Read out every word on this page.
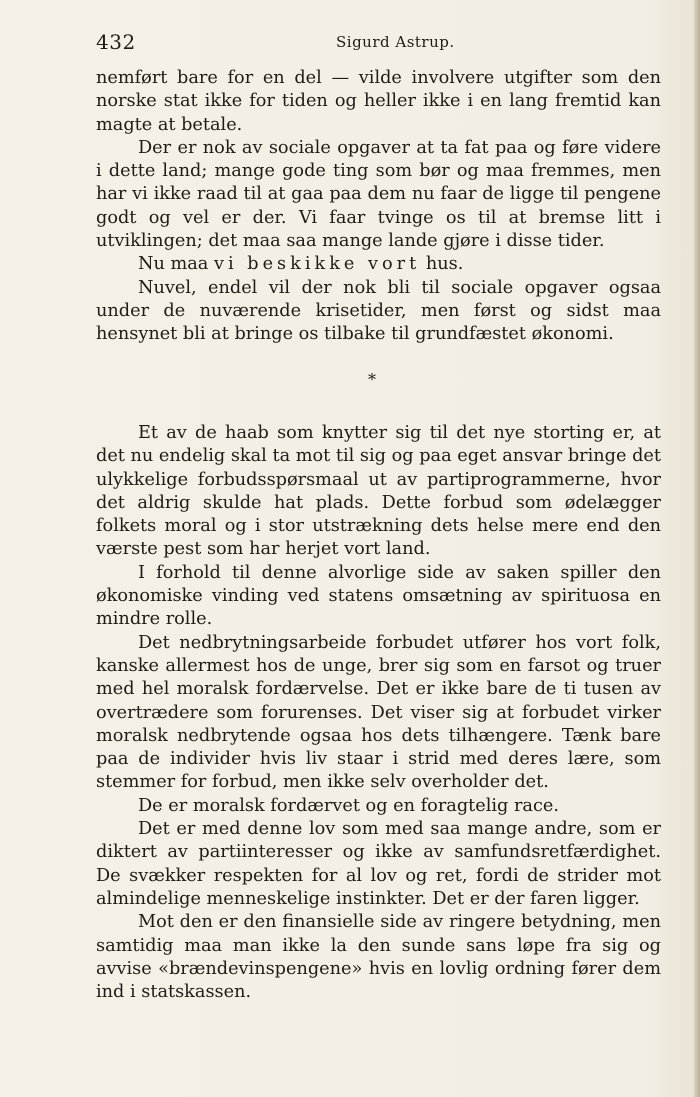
432	Sigurd Astrup.

nemført bare for en del — vilde involvere utgifter som den norske stat ikke for tiden og heller ikke i en lang fremtid kan magte at betale.

Der er nok av sociale opgaver at ta fat paa og føre videre i dette land; mange gode ting som bør og maa fremmes, men har vi ikke raad til at gaa paa dem nu faar de ligge til pengene godt og vel er der. Vi faar tvinge os til at bremse litt i utviklingen; det maa saa mange lande gjøre i disse tider.

Nu maa vi beskikke vort hus.

Nuvel, endel vil der nok bli til sociale opgaver ogsaa under de nuværende krisetider, men først og sidst maa hensynet bli at bringe os tilbake til grundfæstet økonomi.

*

Et av de haab som knytter sig til det nye storting er, at det nu endelig skal ta mot til sig og paa eget ansvar bringe det ulykkelige forbudsspørsmaal ut av partiprogrammerne, hvor det aldrig skulde hat plads. Dette forbud som ødelægger folkets moral og i stor utstrækning dets helse mere end den værste pest som har herjet vort land.

I forhold til denne alvorlige side av saken spiller den økonomiske vinding ved statens omsætning av spirituosa en mindre rolle.

Det nedbrytningsarbeide forbudet utfører hos vort folk, kanske allermest hos de unge, brer sig som en farsot og truer med hel moralsk fordærvelse. Det er ikke bare de ti tusen av overtrædere som forurenses. Det viser sig at forbudet virker moralsk nedbrytende ogsaa hos dets tilhængere. Tænk bare paa de individer hvis liv staar i strid med deres lære, som stemmer for forbud, men ikke selv overholder det.

De er moralsk fordærvet og en foragtelig race.

Det er med denne lov som med saa mange andre, som er diktert av partiinteresser og ikke av samfundsretfærdighet. De svækker respekten for al lov og ret, fordi de strider mot almindelige menneskelige instinkter. Det er der faren ligger.

Mot den er den finansielle side av ringere betydning, men samtidig maa man ikke la den sunde sans løpe fra sig og avvise «brændevinspengene» hvis en lovlig ordning fører dem ind i statskassen.
